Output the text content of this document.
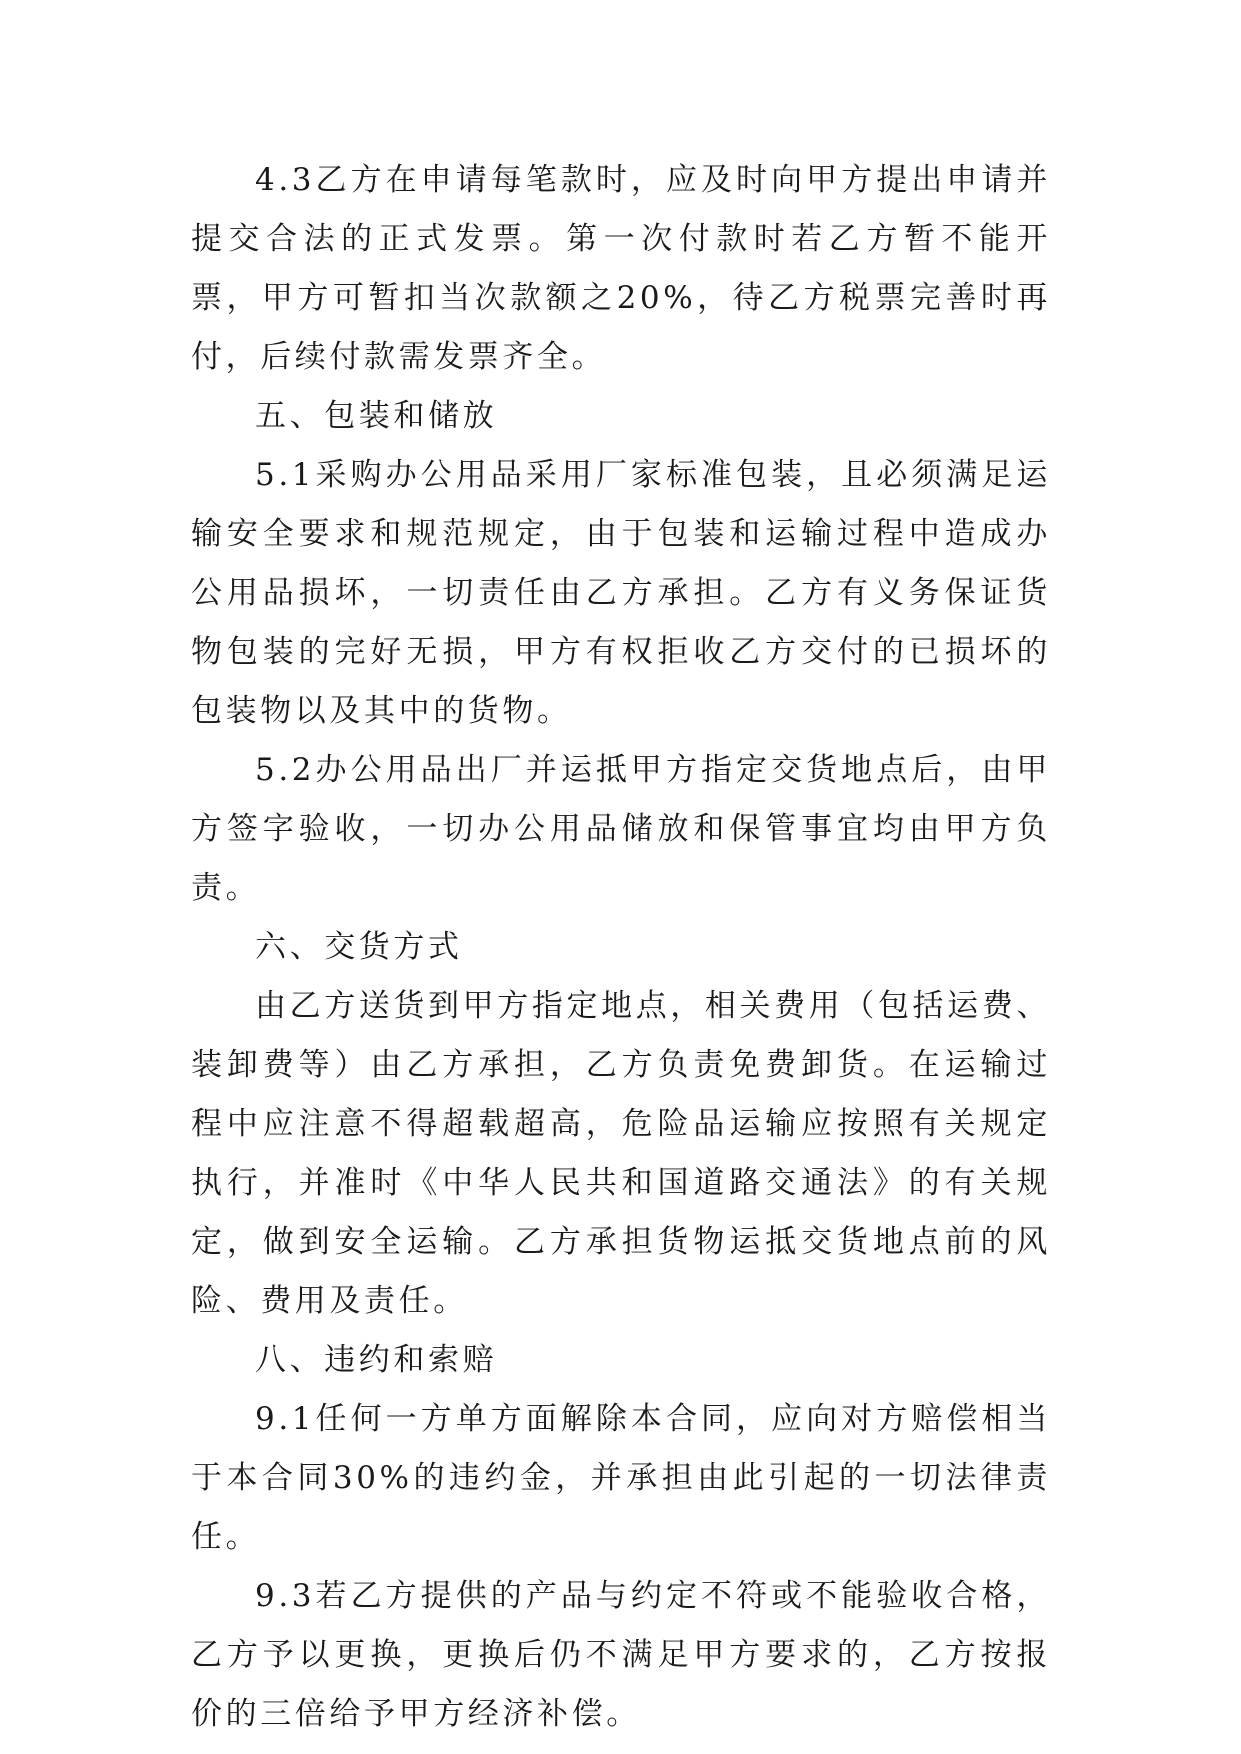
4.3乙方在申请每笔款时，应及时向甲方提出申请并提交合法的正式发票。第一次付款时若乙方暂不能开票，甲方可暂扣当次款额之20%，待乙方税票完善时再付，后续付款需发票齐全。

五、包装和储放

5.1采购办公用品采用厂家标准包装，且必须满足运输安全要求和规范规定，由于包装和运输过程中造成办公用品损坏，一切责任由乙方承担。乙方有义务保证货物包装的完好无损，甲方有权拒收乙方交付的已损坏的包装物以及其中的货物。

5.2办公用品出厂并运抵甲方指定交货地点后，由甲方签字验收，一切办公用品储放和保管事宜均由甲方负责。

六、交货方式

由乙方送货到甲方指定地点，相关费用（包括运费、装卸费等）由乙方承担，乙方负责免费卸货。在运输过程中应注意不得超载超高，危险品运输应按照有关规定执行，并准时《中华人民共和国道路交通法》的有关规定，做到安全运输。乙方承担货物运抵交货地点前的风险、费用及责任。

八、违约和索赔

9.1任何一方单方面解除本合同，应向对方赔偿相当于本合同30%的违约金，并承担由此引起的一切法律责任。

9.3若乙方提供的产品与约定不符或不能验收合格，乙方予以更换，更换后仍不满足甲方要求的，乙方按报价的三倍给予甲方经济补偿。
